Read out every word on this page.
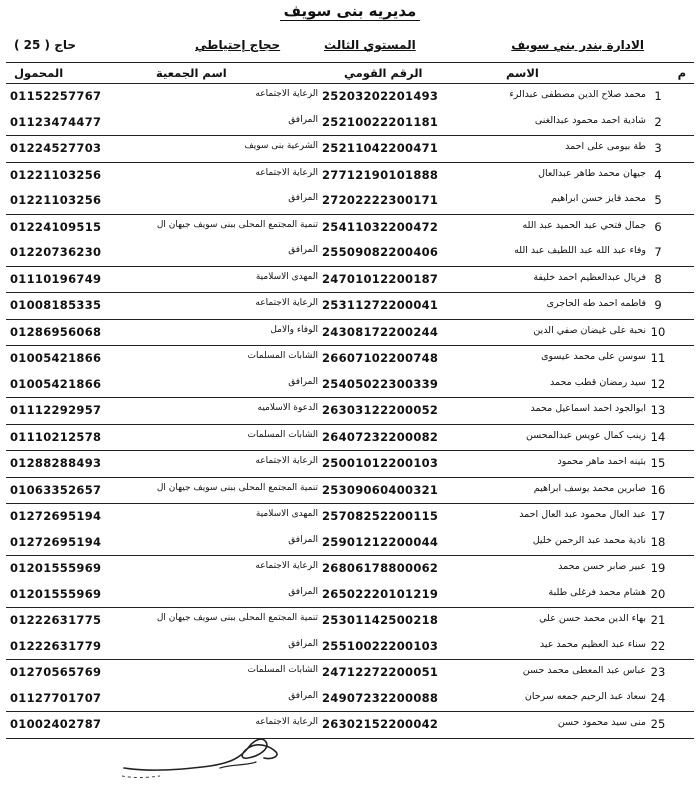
مديريه بنى سويف
( 25 ) حاج	حجاج إحتياطي	المستوي الثالث	الادارة بندر بني سويف
المحمول	اسم الجمعية	الرقم القومي	الاسم	م
01152257767	الرعاية الاجتماعه 25203202201493	محمد صلاح الدين مصطفى عبدالرء 1
01123474477	المرافق 25210022201181	شادية احمد محمود عبدالغنى 2
01224527703	الشرعية بنى سويف 25211042200471	طة بيومى على احمد 3
01221103256	الرعاية الاجتماعه 27712190101888	جيهان محمد طاهر عبدالعال 4
01221103256	المرافق 27202222300171	محمد فايز حسن ابراهيم 5
01224109515	تنمية المجتمع المحلى ببنى سويف جيهان ال 25411032200472	جمال فتحي عبد الحميد عبد الله 6
01220736230	المرافق 25509082200406	وفاء عبد الله عبد اللطيف عبد الله 7
01110196749	المهدى الاسلامية 24701012200187	فريال عبدالعظيم احمد خليفة 8
01008185335	الرعاية الاجتماعه 25311272200041	فاطمه احمد طه الحاجرى 9
01286956068	الوفاء والامل 24308172200244	نحبة على غيضان صفي الدين 10
01005421866	الشابات المسلمات 26607102200748	سوسن على محمد عيسوى 11
01005421866	المرافق 25405022300339	سيد رمضان قطب محمد 12
01112292957	الدعوة الاسلاميه 26303122200052	ابوالجود احمد اسماعيل محمد 13
01110212578	الشابات المسلمات 26407232200082	زينب كمال عويس عبدالمحسن 14
01288288493	الرعاية الاجتماعه 25001012200103	بثينه احمد ماهر محمود 15
01063352657	تنمية المجتمع المحلى ببنى سويف جيهان ال 25309060400321	صابرين محمد يوسف ابراهيم 16
01272695194	المهدى الاسلامية 25708252200115	عبد العال محمود عبد العال احمد 17
01272695194	المرافق 25901212200044	نادية محمد عبد الرحمن خليل 18
01201555969	الرعاية الاجتماعه 26806178800062	عبير صابر حسن محمد 19
01201555969	المرافق 26502220101219	هشام محمد فرغلى طلبة 20
01222631775	تنمية المجتمع المحلى ببنى سويف جيهان ال 25301142500218	بهاء الدين محمد حسن علي 21
01222631779	المرافق 25510022200103	سناء عبد العظيم محمد عيد 22
01270565769	الشابات المسلمات 24712272200051	عباس عبد المعطى محمد حسن 23
01127701707	المرافق 24907232200088	سعاد عبد الرحيم جمعه سرحان 24
01002402787	الرعاية الاجتماعه 26302152200042	منى سيد محمود حسن 25
